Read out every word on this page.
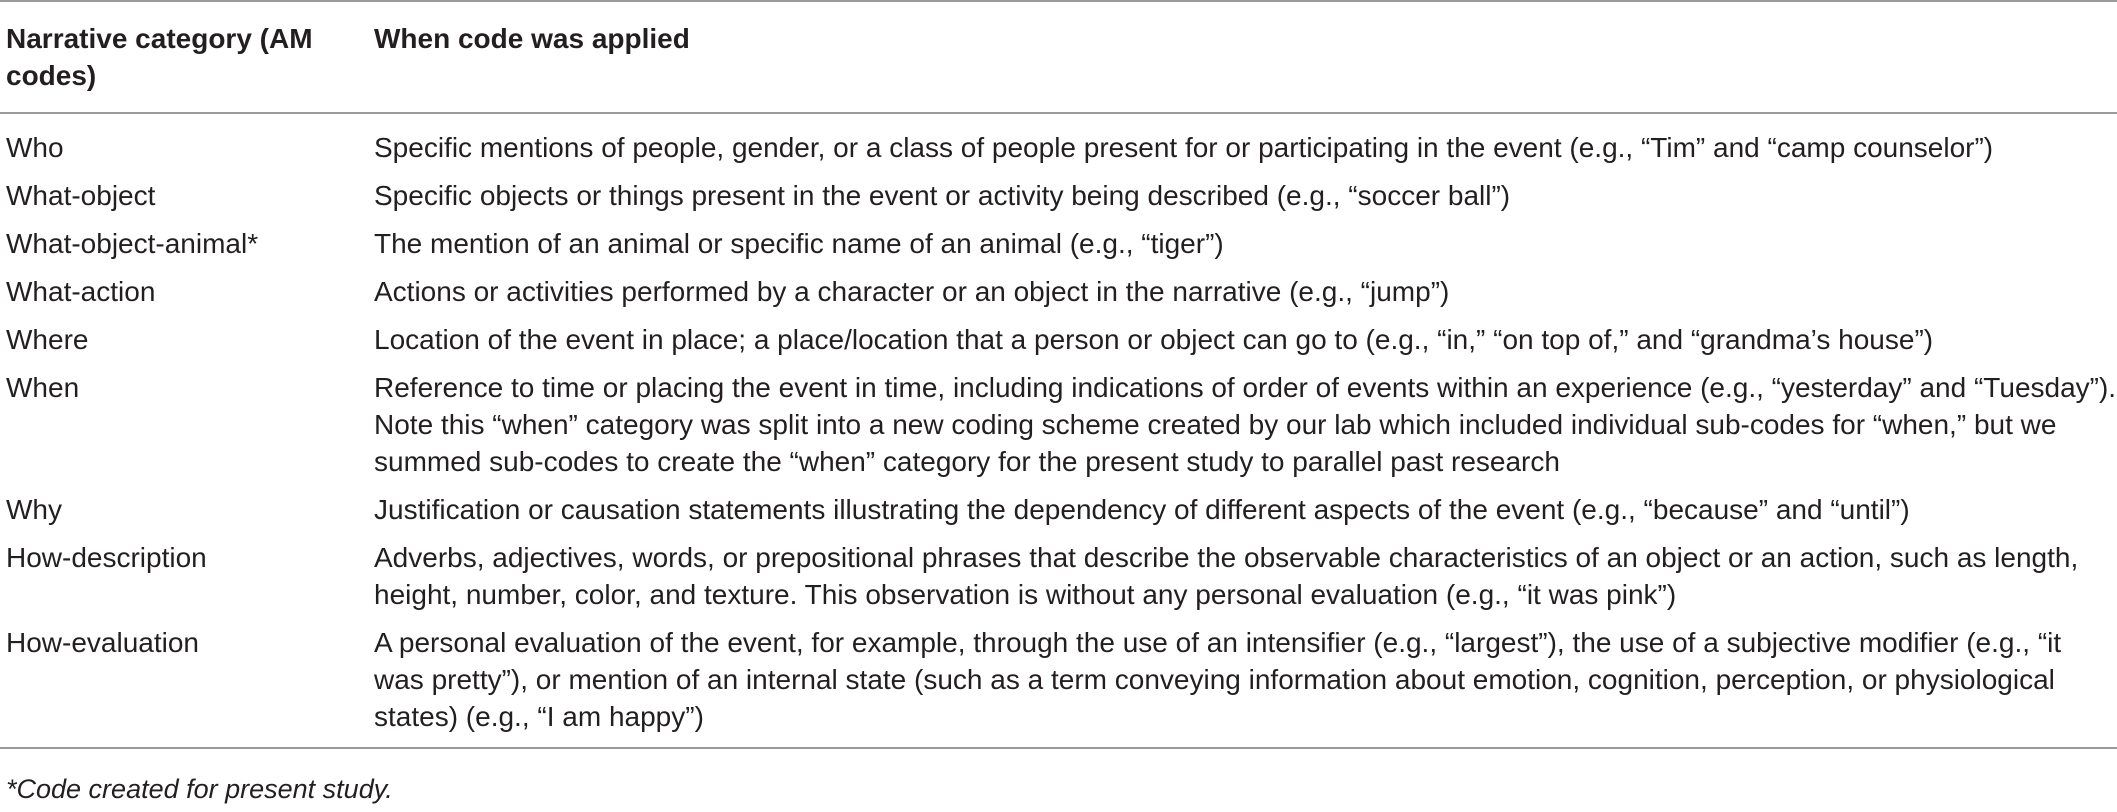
Narrative category (AM codes)	When code was applied
Who	Specific mentions of people, gender, or a class of people present for or participating in the event (e.g., “Tim” and “camp counselor”)
What-object	Specific objects or things present in the event or activity being described (e.g., “soccer ball”)
What-object-animal*	The mention of an animal or specific name of an animal (e.g., “tiger”)
What-action	Actions or activities performed by a character or an object in the narrative (e.g., “jump”)
Where	Location of the event in place; a place/location that a person or object can go to (e.g., “in,” “on top of,” and “grandma’s house”)
When	Reference to time or placing the event in time, including indications of order of events within an experience (e.g., “yesterday” and “Tuesday”). Note this “when” category was split into a new coding scheme created by our lab which included individual sub-codes for “when,” but we summed sub-codes to create the “when” category for the present study to parallel past research
Why	Justification or causation statements illustrating the dependency of different aspects of the event (e.g., “because” and “until”)
How-description	Adverbs, adjectives, words, or prepositional phrases that describe the observable characteristics of an object or an action, such as length, height, number, color, and texture. This observation is without any personal evaluation (e.g., “it was pink”)
How-evaluation	A personal evaluation of the event, for example, through the use of an intensifier (e.g., “largest”), the use of a subjective modifier (e.g., “it was pretty”), or mention of an internal state (such as a term conveying information about emotion, cognition, perception, or physiological states) (e.g., “I am happy”)
*Code created for present study.
